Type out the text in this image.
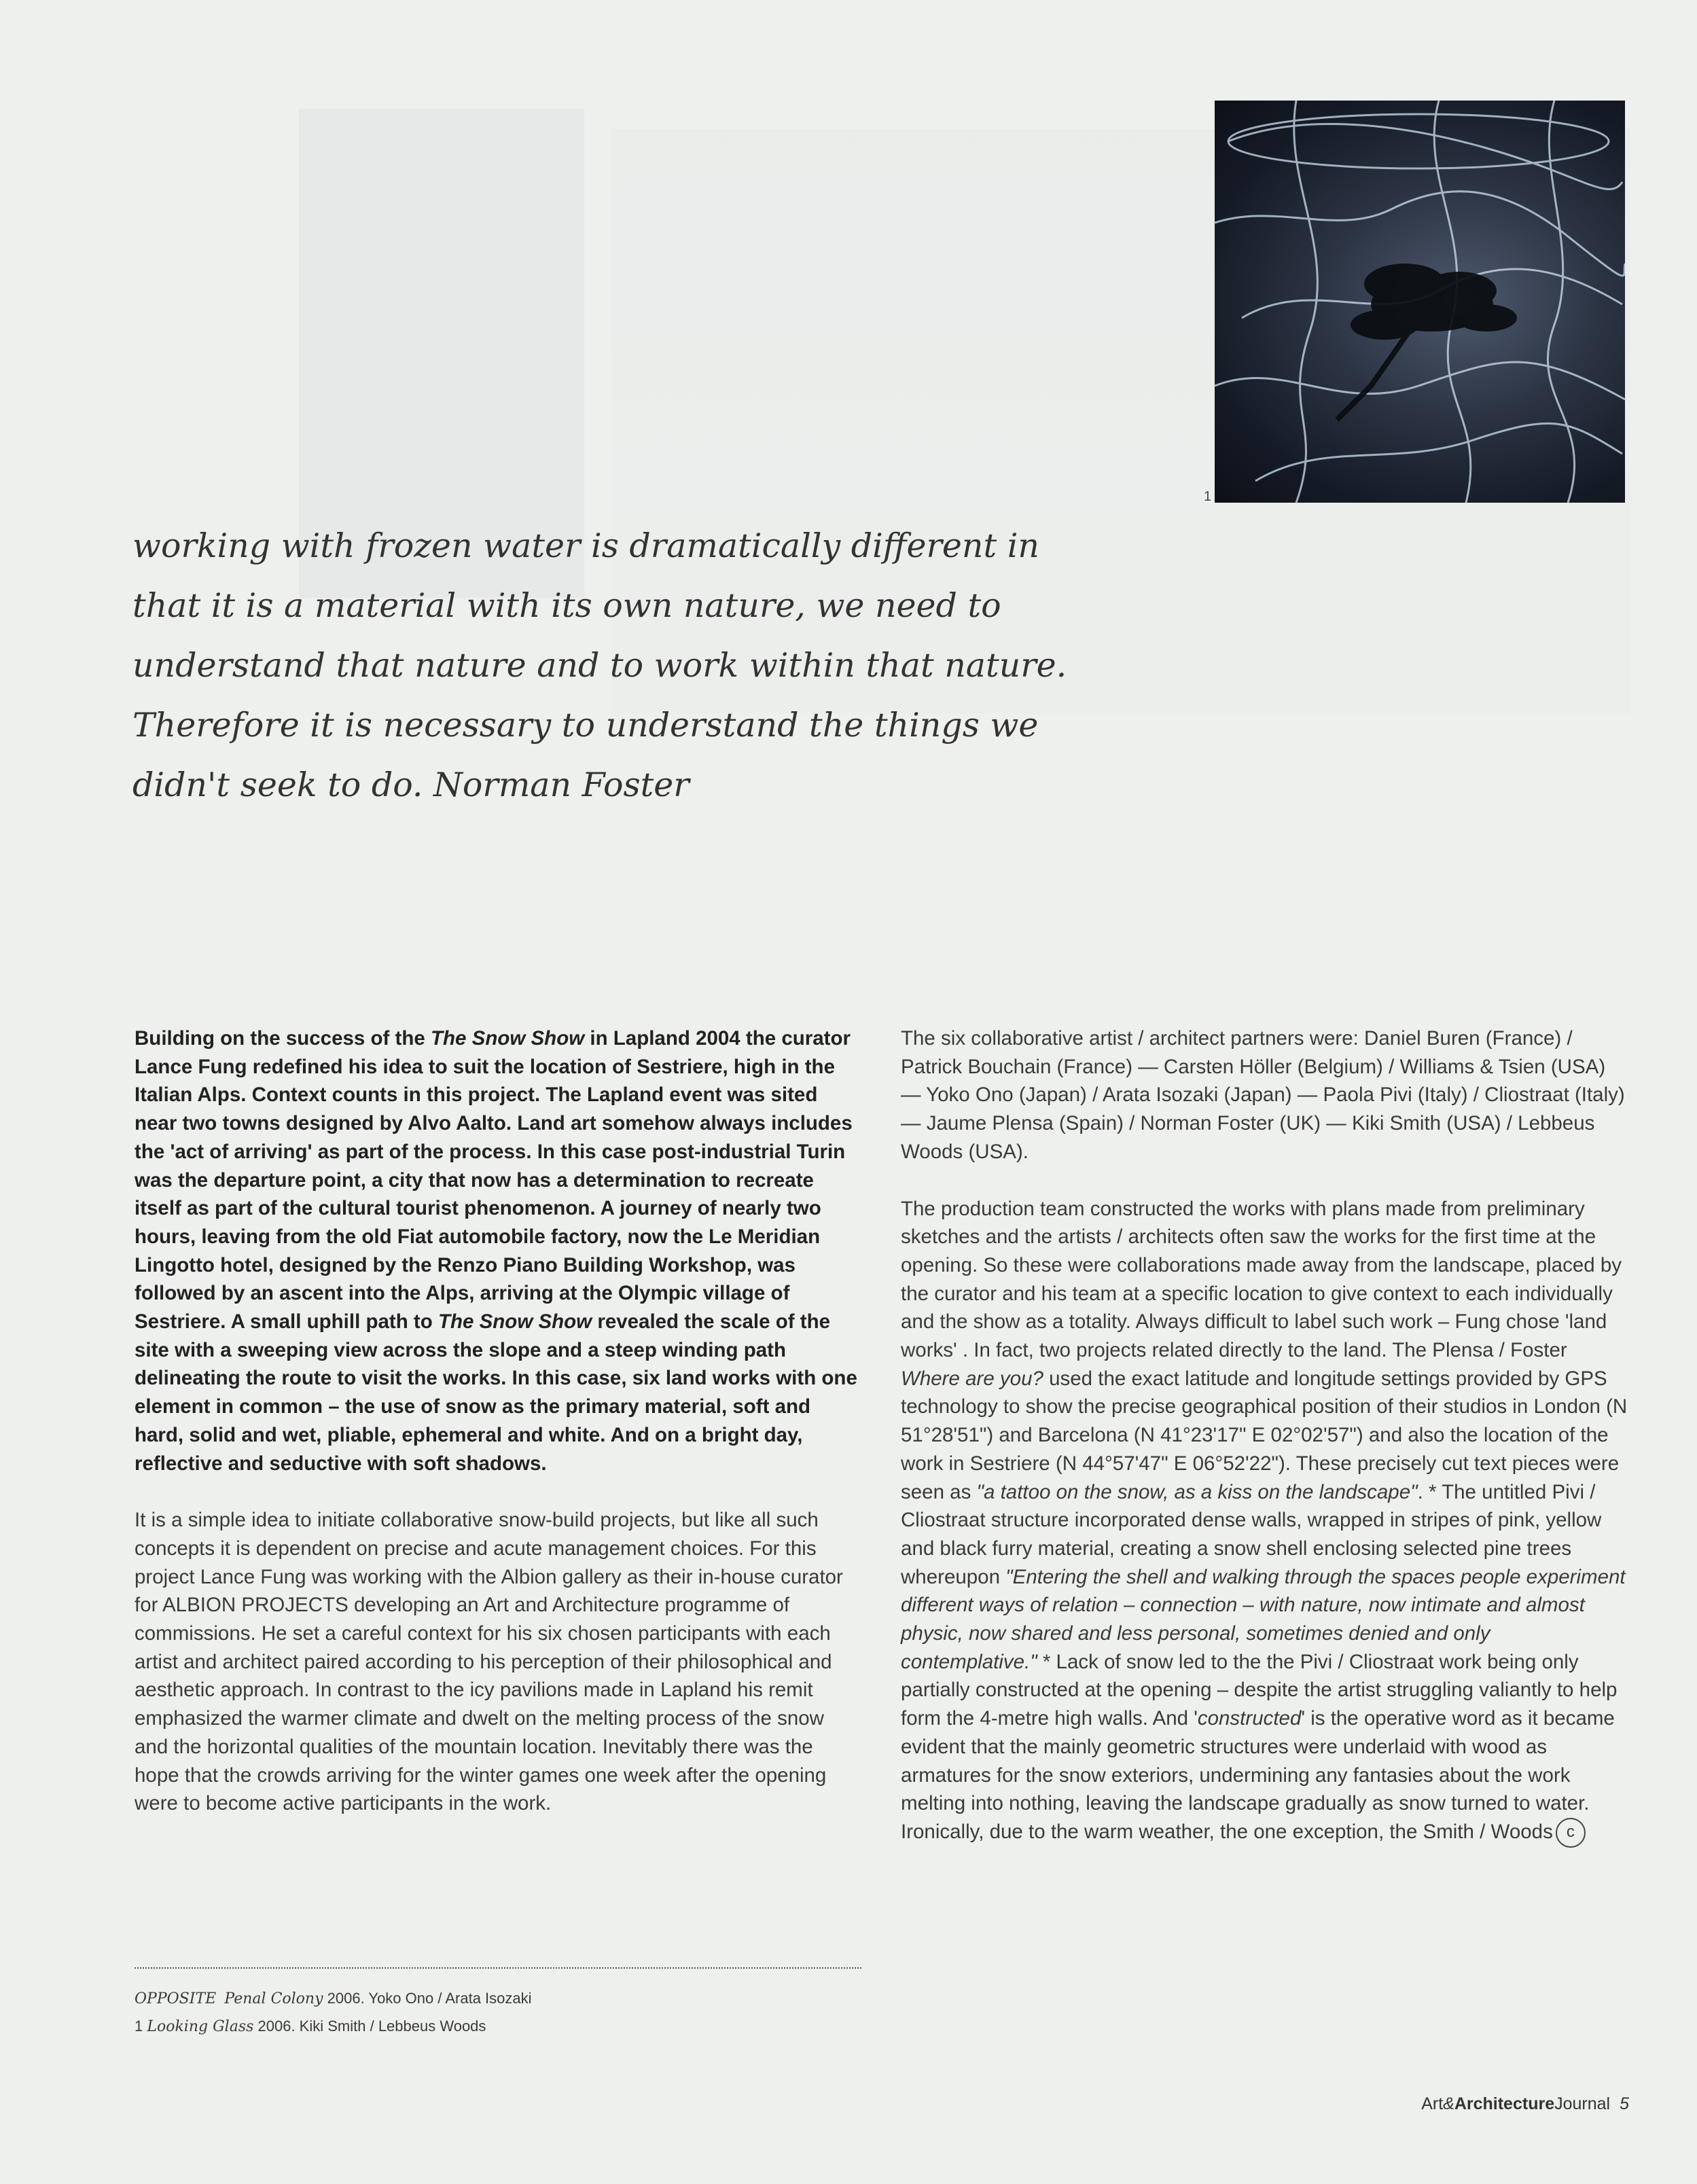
1
working with frozen water is dramatically different in
that it is a material with its own nature, we need to
understand that nature and to work within that nature.
Therefore it is necessary to understand the things we
didn't seek to do. Norman Foster

Building on the success of the The Snow Show in Lapland 2004 the curator Lance Fung redefined his idea to suit the location of Sestriere, high in the Italian Alps. Context counts in this project. The Lapland event was sited near two towns designed by Alvo Aalto. Land art somehow always includes the 'act of arriving' as part of the process. In this case post-industrial Turin was the departure point, a city that now has a determination to recreate itself as part of the cultural tourist phenomenon. A journey of nearly two hours, leaving from the old Fiat automobile factory, now the Le Meridian Lingotto hotel, designed by the Renzo Piano Building Workshop, was followed by an ascent into the Alps, arriving at the Olympic village of Sestriere. A small uphill path to The Snow Show revealed the scale of the site with a sweeping view across the slope and a steep winding path delineating the route to visit the works. In this case, six land works with one element in common – the use of snow as the primary material, soft and hard, solid and wet, pliable, ephemeral and white. And on a bright day, reflective and seductive with soft shadows.

It is a simple idea to initiate collaborative snow-build projects, but like all such concepts it is dependent on precise and acute management choices. For this project Lance Fung was working with the Albion gallery as their in-house curator for ALBION PROJECTS developing an Art and Architecture programme of commissions. He set a careful context for his six chosen participants with each artist and architect paired according to his perception of their philosophical and aesthetic approach. In contrast to the icy pavilions made in Lapland his remit emphasized the warmer climate and dwelt on the melting process of the snow and the horizontal qualities of the mountain location. Inevitably there was the hope that the crowds arriving for the winter games one week after the opening were to become active participants in the work.

The six collaborative artist / architect partners were: Daniel Buren (France) / Patrick Bouchain (France) — Carsten Höller (Belgium) / Williams & Tsien (USA) — Yoko Ono (Japan) / Arata Isozaki (Japan) — Paola Pivi (Italy) / Cliostraat (Italy) — Jaume Plensa (Spain) / Norman Foster (UK) — Kiki Smith (USA) / Lebbeus Woods (USA).

The production team constructed the works with plans made from preliminary sketches and the artists / architects often saw the works for the first time at the opening. So these were collaborations made away from the landscape, placed by the curator and his team at a specific location to give context to each individually and the show as a totality. Always difficult to label such work – Fung chose 'land works' . In fact, two projects related directly to the land. The Plensa / Foster Where are you? used the exact latitude and longitude settings provided by GPS technology to show the precise geographical position of their studios in London (N 51°28'51") and Barcelona (N 41°23'17" E 02°02'57") and also the location of the work in Sestriere (N 44°57'47" E 06°52'22"). These precisely cut text pieces were seen as "a tattoo on the snow, as a kiss on the landscape". * The untitled Pivi / Cliostraat structure incorporated dense walls, wrapped in stripes of pink, yellow and black furry material, creating a snow shell enclosing selected pine trees whereupon "Entering the shell and walking through the spaces people experiment different ways of relation – connection – with nature, now intimate and almost physic, now shared and less personal, sometimes denied and only contemplative." * Lack of snow led to the the Pivi / Cliostraat work being only partially constructed at the opening – despite the artist struggling valiantly to help form the 4-metre high walls. And 'constructed' is the operative word as it became evident that the mainly geometric structures were underlaid with wood as armatures for the snow exteriors, undermining any fantasies about the work melting into nothing, leaving the landscape gradually as snow turned to water. Ironically, due to the warm weather, the one exception, the Smith / Woods c

OPPOSITE Penal Colony 2006. Yoko Ono / Arata Isozaki
1 Looking Glass 2006. Kiki Smith / Lebbeus Woods
Art&ArchitectureJournal 5
